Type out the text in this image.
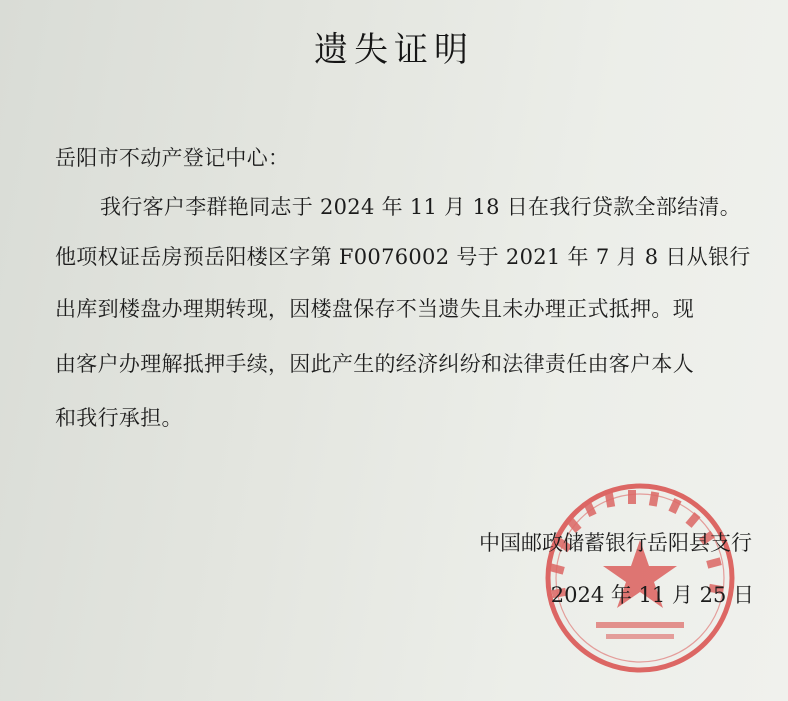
遗失证明
岳阳市不动产登记中心：
我行客户李群艳同志于 2024 年 11 月 18 日在我行贷款全部结清。
他项权证岳房预岳阳楼区字第 F0076002 号于 2021 年 7 月 8 日从银行
出库到楼盘办理期转现，因楼盘保存不当遗失且未办理正式抵押。现
由客户办理解抵押手续，因此产生的经济纠纷和法律责任由客户本人
和我行承担。
中国邮政储蓄银行岳阳县支行
2024 年 11 月 25 日
